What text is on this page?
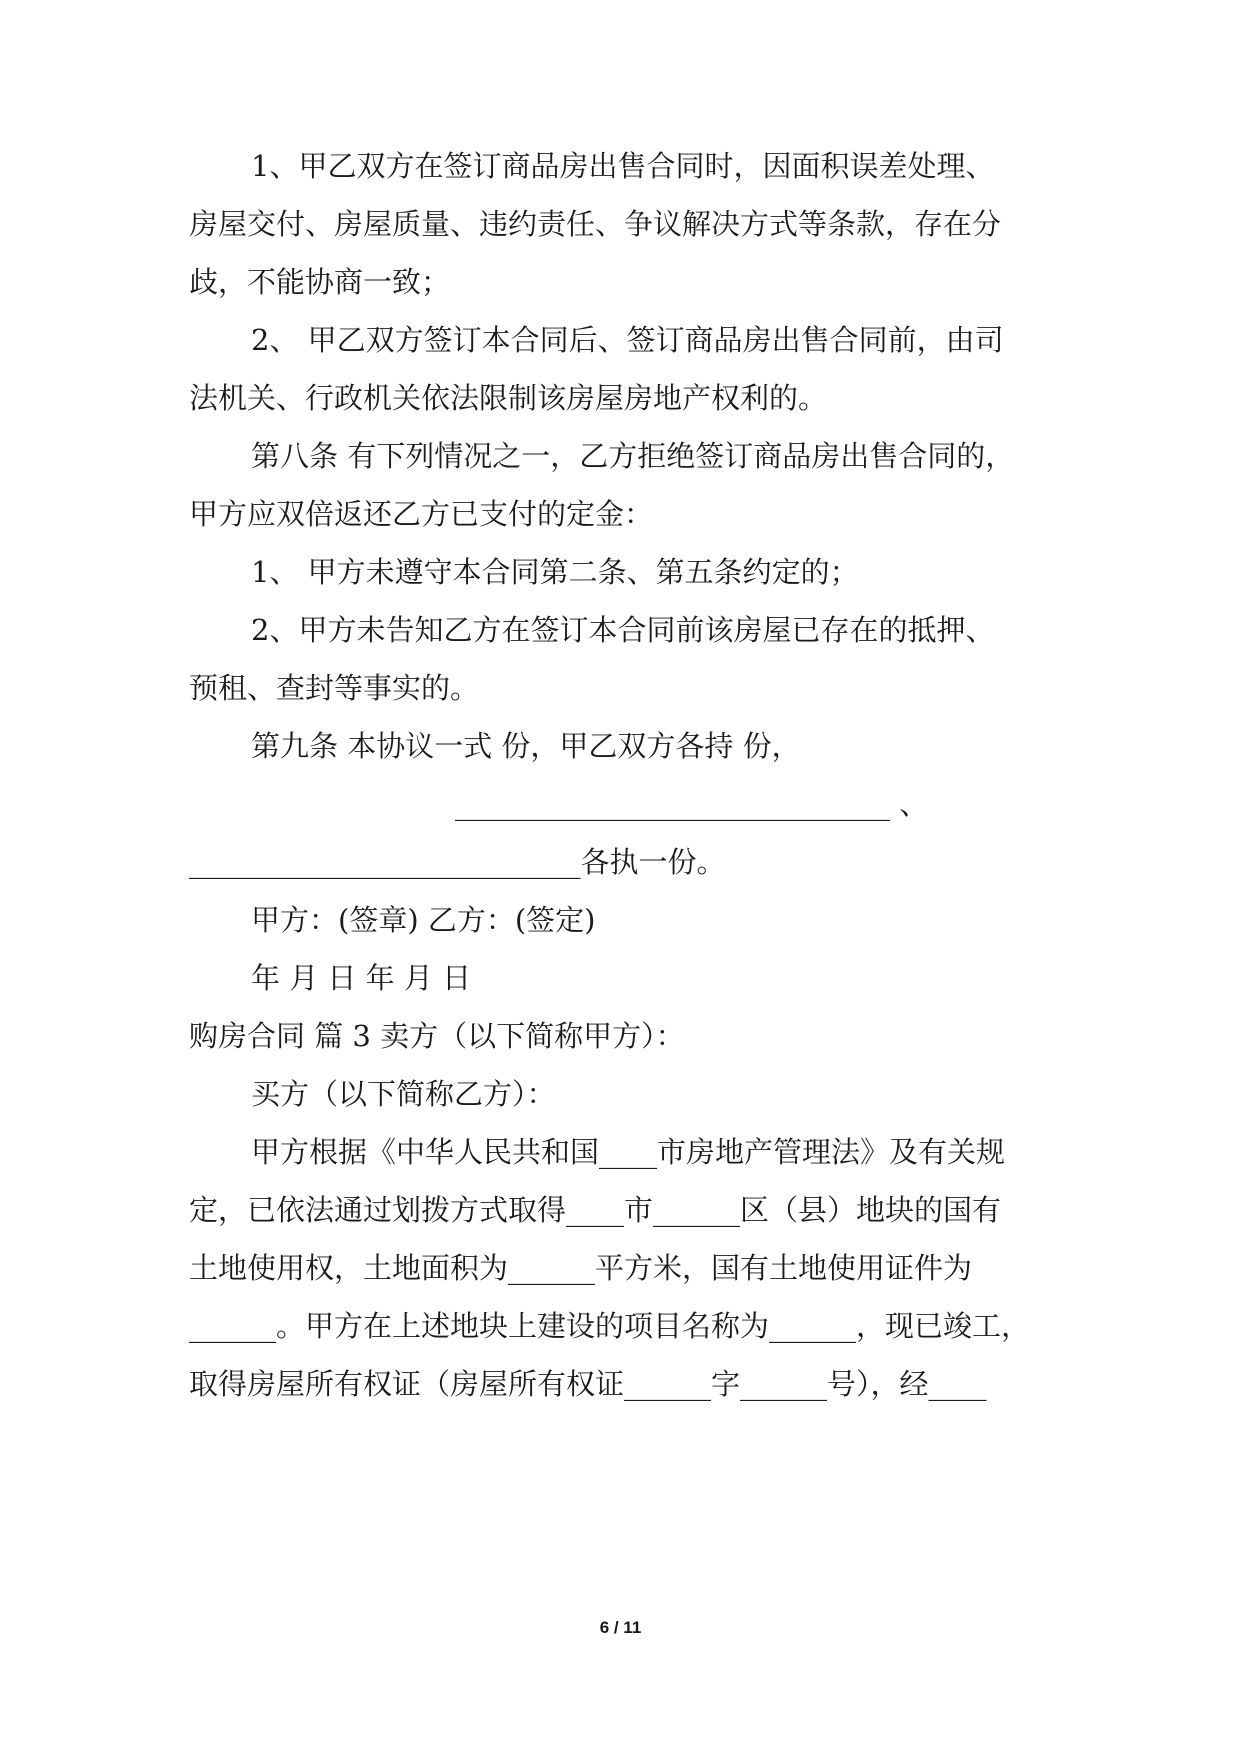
1、甲乙双方在签订商品房出售合同时，因面积误差处理、
房屋交付、房屋质量、违约责任、争议解决方式等条款，存在分
歧，不能协商一致；
2、 甲乙双方签订本合同后、签订商品房出售合同前，由司
法机关、行政机关依法限制该房屋房地产权利的。
第八条 有下列情况之一，乙方拒绝签订商品房出售合同的，
甲方应双倍返还乙方已支付的定金：
1、 甲方未遵守本合同第二条、第五条约定的；
2、甲方未告知乙方在签订本合同前该房屋已存在的抵押、
预租、查封等事实的。
第九条 本协议一式 份，甲乙双方各持 份，
______________________________ 、
___________________________各执一份。
甲方：(签章) 乙方：(签定)
年 月 日 年 月 日
购房合同 篇 3 卖方（以下简称甲方）：
买方（以下简称乙方）：
甲方根据《中华人民共和国____市房地产管理法》及有关规
定，已依法通过划拨方式取得____市______区（县）地块的国有
土地使用权，土地面积为______平方米，国有土地使用证件为
______。甲方在上述地块上建设的项目名称为______，现已竣工，
取得房屋所有权证（房屋所有权证______字______号），经____
6 / 11
